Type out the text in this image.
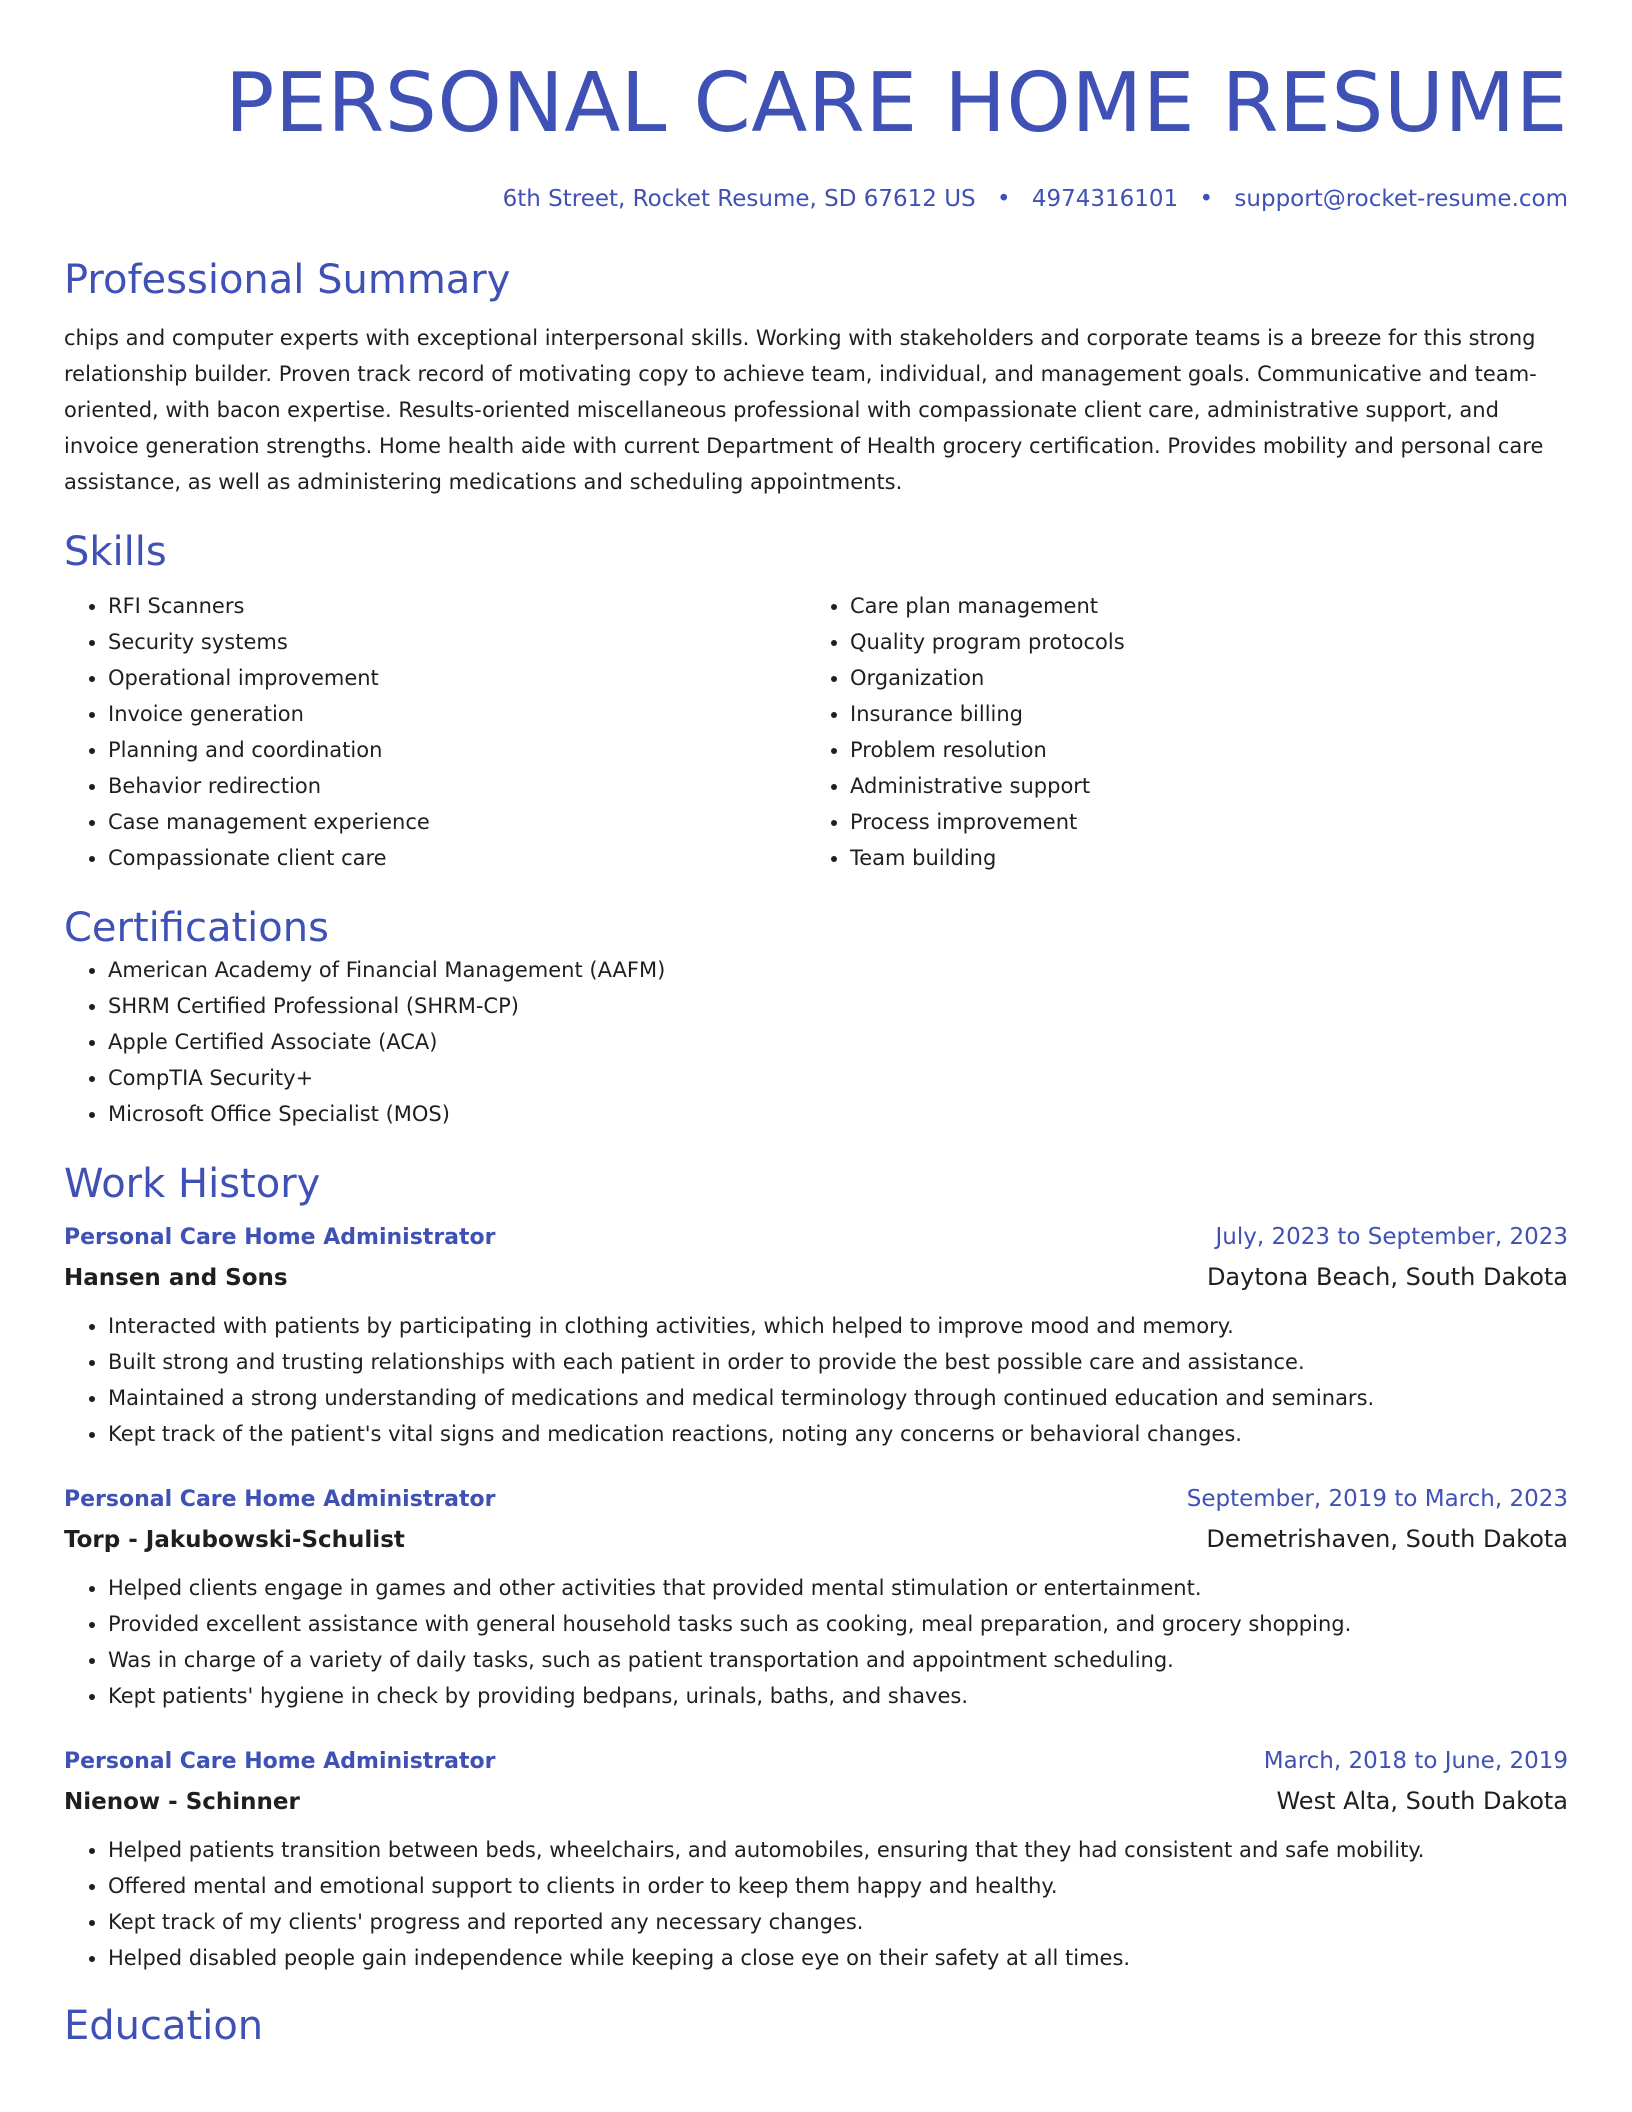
PERSONAL CARE HOME RESUME
6th Street, Rocket Resume, SD 67612 US • 4974316101 • support@rocket-resume.com
Professional Summary

chips and computer experts with exceptional interpersonal skills. Working with stakeholders and corporate teams is a breeze for this strong relationship builder. Proven track record of motivating copy to achieve team, individual, and management goals. Communicative and team-oriented, with bacon expertise. Results-oriented miscellaneous professional with compassionate client care, administrative support, and invoice generation strengths. Home health aide with current Department of Health grocery certification. Provides mobility and personal care assistance, as well as administering medications and scheduling appointments.

Skills
• RFI Scanners
• Security systems
• Operational improvement
• Invoice generation
• Planning and coordination
• Behavior redirection
• Case management experience
• Compassionate client care
• Care plan management
• Quality program protocols
• Organization
• Insurance billing
• Problem resolution
• Administrative support
• Process improvement
• Team building
Certifications
• American Academy of Financial Management (AAFM)
• SHRM Certified Professional (SHRM-CP)
• Apple Certified Associate (ACA)
• CompTIA Security+
• Microsoft Office Specialist (MOS)
Work History
Personal Care Home Administrator	July, 2023 to September, 2023
Hansen and Sons	Daytona Beach, South Dakota
• Interacted with patients by participating in clothing activities, which helped to improve mood and memory.
• Built strong and trusting relationships with each patient in order to provide the best possible care and assistance.
• Maintained a strong understanding of medications and medical terminology through continued education and seminars.
• Kept track of the patient's vital signs and medication reactions, noting any concerns or behavioral changes.
Personal Care Home Administrator	September, 2019 to March, 2023
Torp - Jakubowski-Schulist	Demetrishaven, South Dakota
• Helped clients engage in games and other activities that provided mental stimulation or entertainment.
• Provided excellent assistance with general household tasks such as cooking, meal preparation, and grocery shopping.
• Was in charge of a variety of daily tasks, such as patient transportation and appointment scheduling.
• Kept patients' hygiene in check by providing bedpans, urinals, baths, and shaves.
Personal Care Home Administrator	March, 2018 to June, 2019
Nienow - Schinner	West Alta, South Dakota
• Helped patients transition between beds, wheelchairs, and automobiles, ensuring that they had consistent and safe mobility.
• Offered mental and emotional support to clients in order to keep them happy and healthy.
• Kept track of my clients' progress and reported any necessary changes.
• Helped disabled people gain independence while keeping a close eye on their safety at all times.
Education
